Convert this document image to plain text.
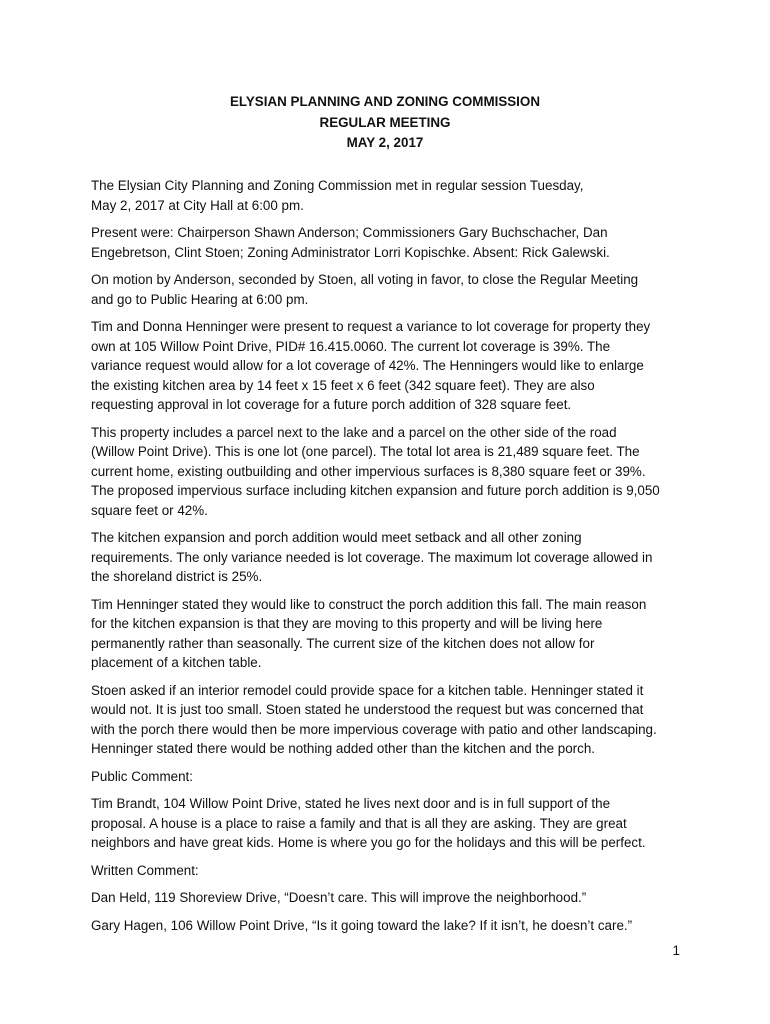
ELYSIAN PLANNING AND ZONING COMMISSION
REGULAR MEETING
MAY 2, 2017

The Elysian City Planning and Zoning Commission met in regular session Tuesday,
May 2, 2017 at City Hall at 6:00 pm.

Present were: Chairperson Shawn Anderson; Commissioners Gary Buchschacher, Dan
Engebretson, Clint Stoen; Zoning Administrator Lorri Kopischke. Absent: Rick Galewski.

On motion by Anderson, seconded by Stoen, all voting in favor, to close the Regular Meeting
and go to Public Hearing at 6:00 pm.

Tim and Donna Henninger were present to request a variance to lot coverage for property they
own at 105 Willow Point Drive, PID# 16.415.0060. The current lot coverage is 39%. The
variance request would allow for a lot coverage of 42%. The Henningers would like to enlarge
the existing kitchen area by 14 feet x 15 feet x 6 feet (342 square feet). They are also
requesting approval in lot coverage for a future porch addition of 328 square feet.

This property includes a parcel next to the lake and a parcel on the other side of the road
(Willow Point Drive). This is one lot (one parcel). The total lot area is 21,489 square feet. The
current home, existing outbuilding and other impervious surfaces is 8,380 square feet or 39%.
The proposed impervious surface including kitchen expansion and future porch addition is 9,050
square feet or 42%.

The kitchen expansion and porch addition would meet setback and all other zoning
requirements. The only variance needed is lot coverage. The maximum lot coverage allowed in
the shoreland district is 25%.

Tim Henninger stated they would like to construct the porch addition this fall. The main reason
for the kitchen expansion is that they are moving to this property and will be living here
permanently rather than seasonally. The current size of the kitchen does not allow for
placement of a kitchen table.

Stoen asked if an interior remodel could provide space for a kitchen table. Henninger stated it
would not. It is just too small. Stoen stated he understood the request but was concerned that
with the porch there would then be more impervious coverage with patio and other landscaping.
Henninger stated there would be nothing added other than the kitchen and the porch.

Public Comment:

Tim Brandt, 104 Willow Point Drive, stated he lives next door and is in full support of the
proposal. A house is a place to raise a family and that is all they are asking. They are great
neighbors and have great kids. Home is where you go for the holidays and this will be perfect.

Written Comment:

Dan Held, 119 Shoreview Drive, “Doesn’t care. This will improve the neighborhood.”

Gary Hagen, 106 Willow Point Drive, “Is it going toward the lake? If it isn’t, he doesn’t care.”

1
